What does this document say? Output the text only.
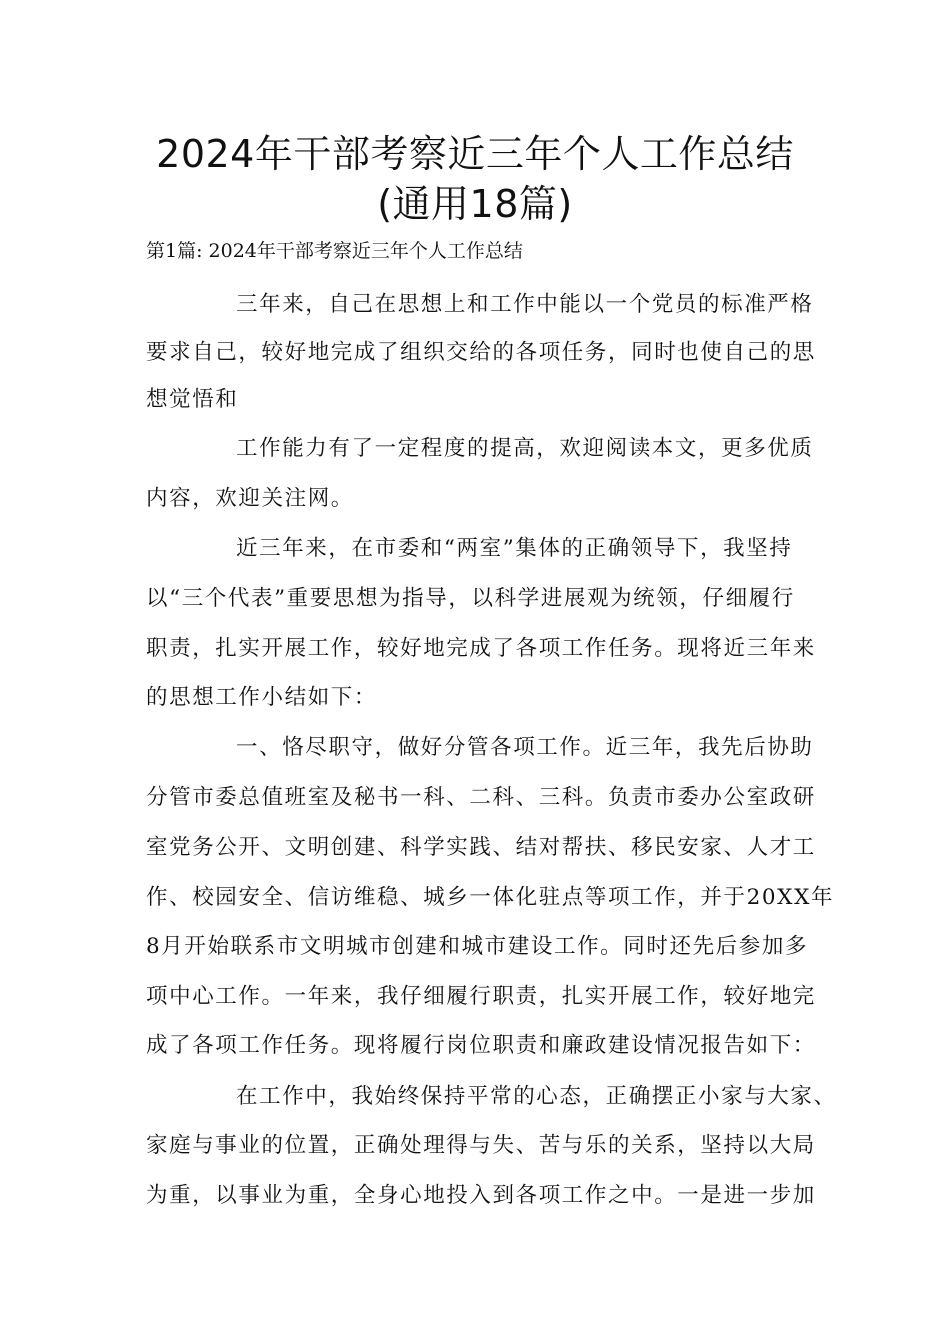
2024年干部考察近三年个人工作总结
(通用18篇)
第1篇: 2024年干部考察近三年个人工作总结
三年来，自己在思想上和工作中能以一个党员的标准严格
要求自己，较好地完成了组织交给的各项任务，同时也使自己的思
想觉悟和
工作能力有了一定程度的提高，欢迎阅读本文，更多优质
内容，欢迎关注网。
近三年来，在市委和“两室”集体的正确领导下，我坚持
以“三个代表”重要思想为指导，以科学进展观为统领，仔细履行
职责，扎实开展工作，较好地完成了各项工作任务。现将近三年来
的思想工作小结如下：
一、恪尽职守，做好分管各项工作。近三年，我先后协助
分管市委总值班室及秘书一科、二科、三科。负责市委办公室政研
室党务公开、文明创建、科学实践、结对帮扶、移民安家、人才工
作、校园安全、信访维稳、城乡一体化驻点等项工作，并于20XX年
8月开始联系市文明城市创建和城市建设工作。同时还先后参加多
项中心工作。一年来，我仔细履行职责，扎实开展工作，较好地完
成了各项工作任务。现将履行岗位职责和廉政建设情况报告如下：
在工作中，我始终保持平常的心态，正确摆正小家与大家、
家庭与事业的位置，正确处理得与失、苦与乐的关系，坚持以大局
为重，以事业为重，全身心地投入到各项工作之中。一是进一步加
